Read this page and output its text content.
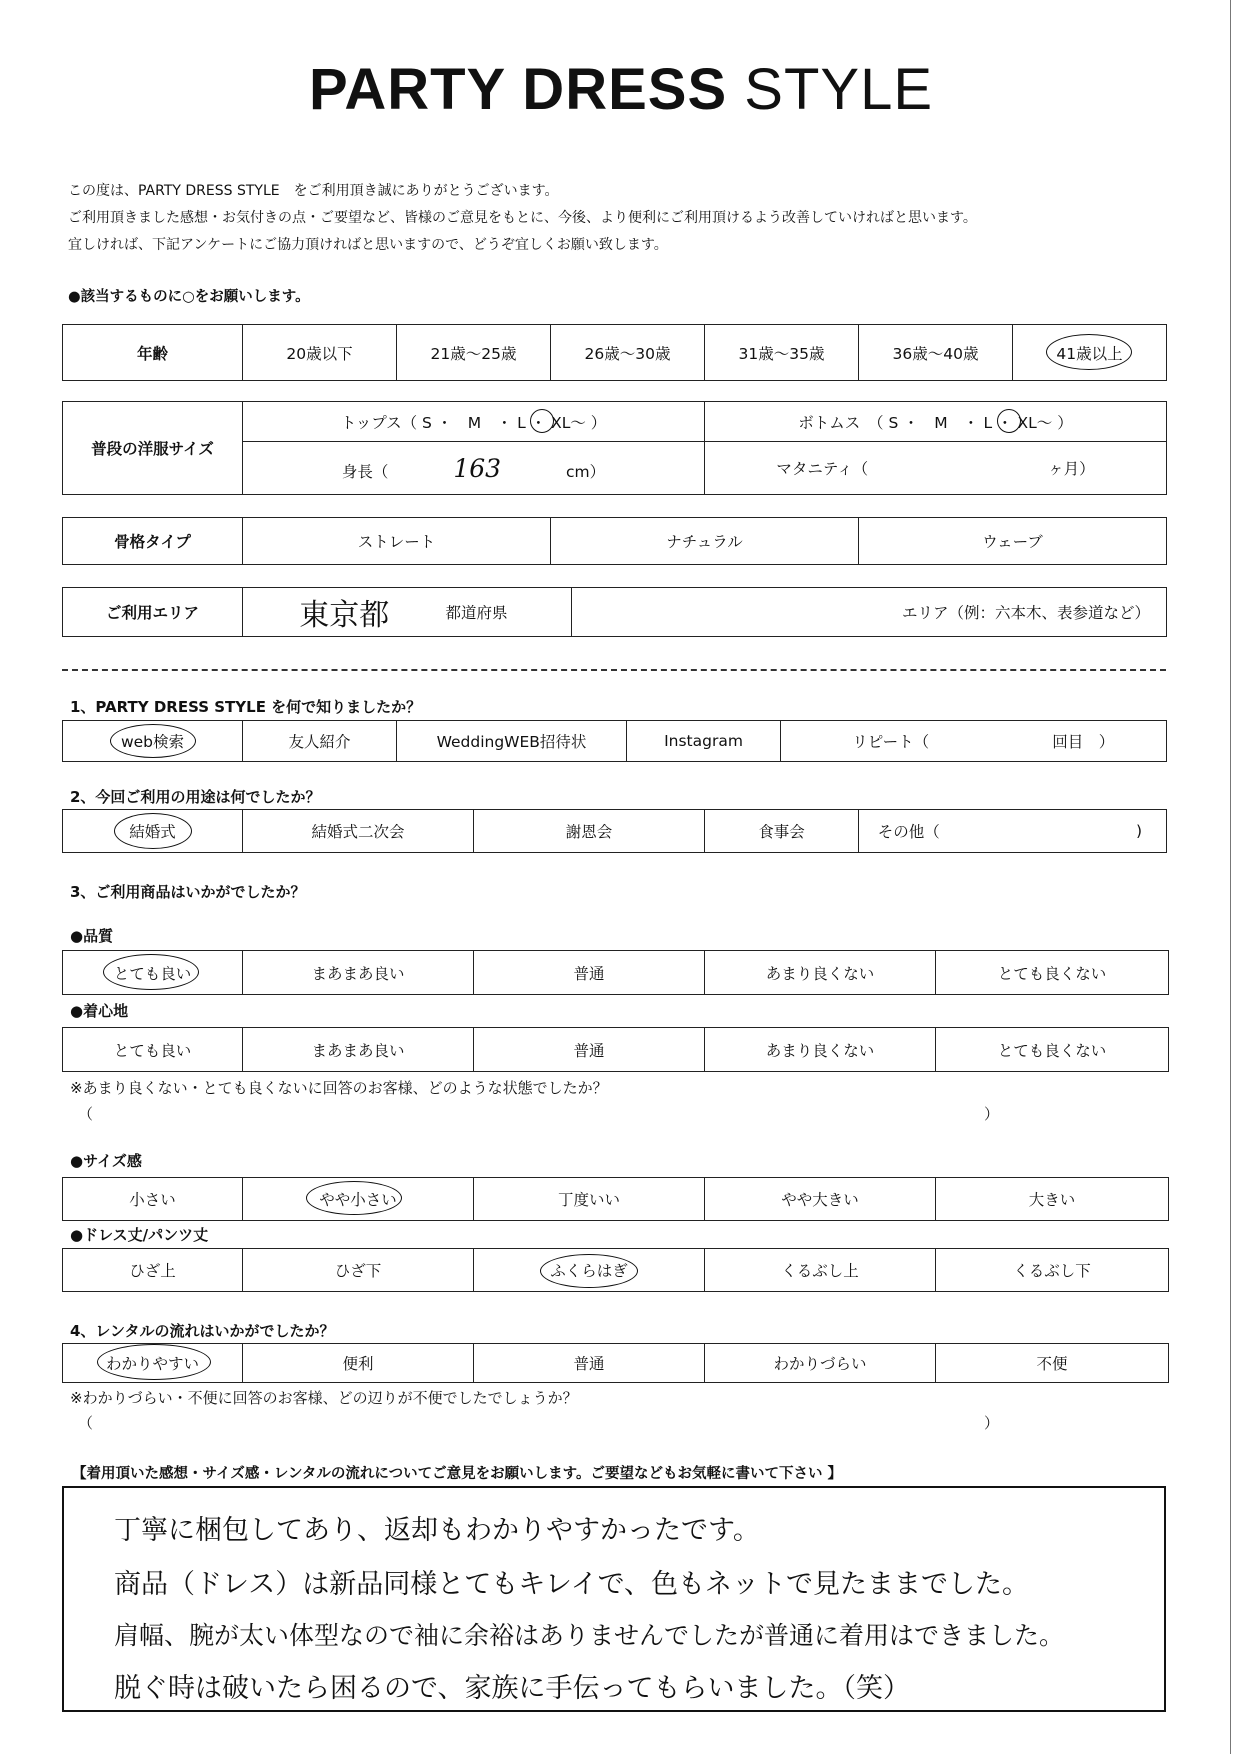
PARTY DRESS STYLE
この度は、PARTY DRESS STYLE　をご利用頂き誠にありがとうございます。
ご利用頂きました感想・お気付きの点・ご要望など、皆様のご意見をもとに、今後、より便利にご利用頂けるよう改善していければと思います。
宜しければ、下記アンケートにご協力頂ければと思いますので、どうぞ宜しくお願い致します。
●該当するものに○をお願いします。
年齢	20歳以下	21歳～25歳	26歳～30歳	31歳～35歳	36歳～40歳	41歳以上
普段の洋服サイズ	トップス（ S ・　M　・ L ・ XL～ ）	ボトムス　（ S ・　M　・ L ・ XL～ ）
	身長（ 163 cm）	マタニティ（ ヶ月）
骨格タイプ	ストレート	ナチュラル	ウェーブ
ご利用エリア	東京都	都道府県	エリア（例：六本木、表参道など）
1、PARTY DRESS STYLE を何で知りましたか？
web検索	友人紹介	WeddingWEB招待状	Instagram	リピート（	回目　）
2、今回ご利用の用途は何でしたか？
結婚式	結婚式二次会	謝恩会	食事会	その他（	)
3、ご利用商品はいかがでしたか？
●品質
とても良い	まあまあ良い	普通	あまり良くない	とても良くない
●着心地
とても良い	まあまあ良い	普通	あまり良くない	とても良くない
※あまり良くない・とても良くないに回答のお客様、どのような状態でしたか？
（	）
●サイズ感
小さい	やや小さい	丁度いい	やや大きい	大きい
●ドレス丈/パンツ丈
ひざ上	ひざ下	ふくらはぎ	くるぶし上	くるぶし下
4、レンタルの流れはいかがでしたか？
わかりやすい	便利	普通	わかりづらい	不便
※わかりづらい・不便に回答のお客様、どの辺りが不便でしたでしょうか？
（	）
【着用頂いた感想・サイズ感・レンタルの流れについてご意見をお願いします。ご要望などもお気軽に書いて下さい 】
丁寧に梱包してあり、返却もわかりやすかったです。
商品（ドレス）は新品同様とてもキレイで、色もネットで見たままでした。
肩幅、腕が太い体型なので袖に余裕はありませんでしたが普通に着用はできました。
脱ぐ時は破いたら困るので、家族に手伝ってもらいました。（笑）
